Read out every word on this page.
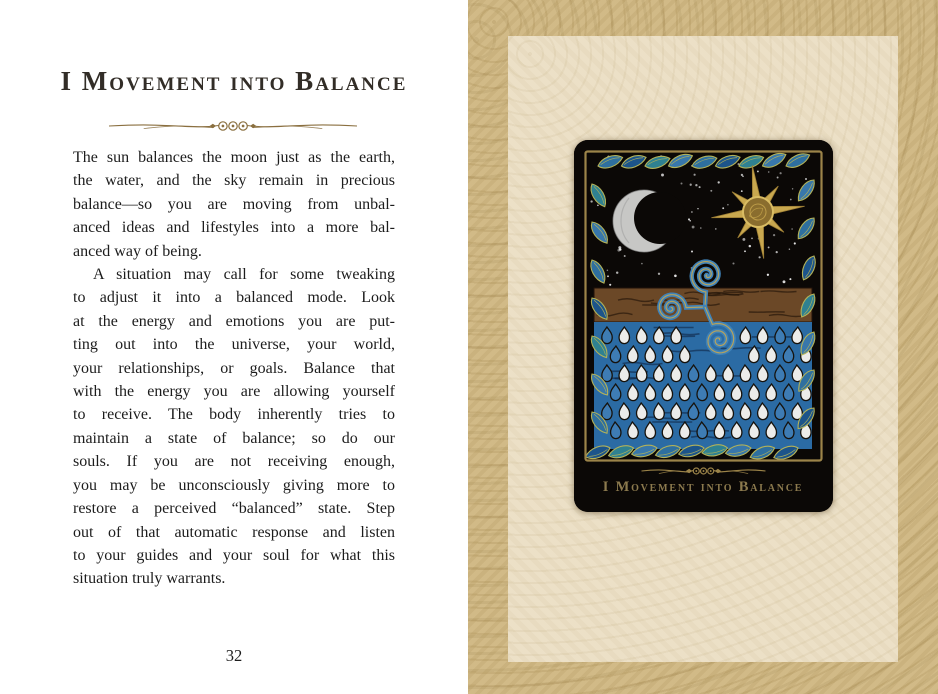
I Movement into Balance
The sun balances the moon just as the earth,
the water, and the sky remain in precious
balance—so you are moving from unbal-
anced ideas and lifestyles into a more bal-
anced way of being.
A situation may call for some tweaking
to adjust it into a balanced mode. Look
at the energy and emotions you are put-
ting out into the universe, your world,
your relationships, or goals. Balance that
with the energy you are allowing yourself
to receive. The body inherently tries to
maintain a state of balance; so do our
souls. If you are not receiving enough,
you may be unconsciously giving more to
restore a perceived “balanced” state. Step
out of that automatic response and listen
to your guides and your soul for what this
situation truly warrants.
32
I Movement into Balance
